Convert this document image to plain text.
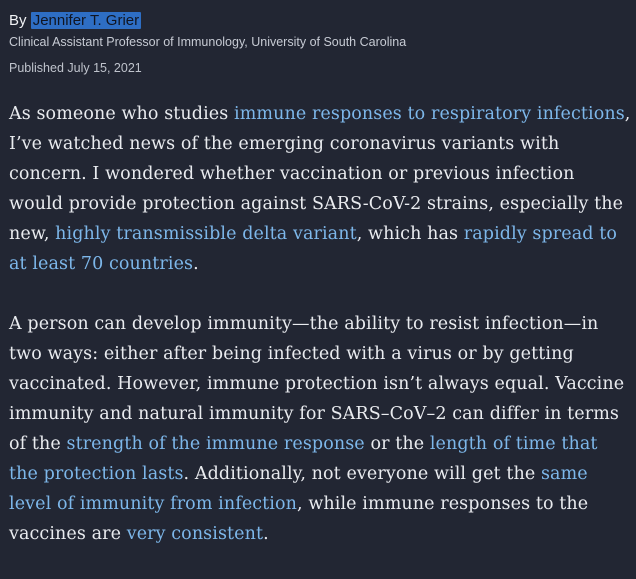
By Jennifer T. Grier
Clinical Assistant Professor of Immunology, University of South Carolina
Published July 15, 2021

As someone who studies immune responses to respiratory infections, I’ve watched news of the emerging coronavirus variants with concern. I wondered whether vaccination or previous infection would provide protection against SARS-CoV-2 strains, especially the new, highly transmissible delta variant, which has rapidly spread to at least 70 countries.

A person can develop immunity—the ability to resist infection—in two ways: either after being infected with a virus or by getting vaccinated. However, immune protection isn’t always equal. Vaccine immunity and natural immunity for SARS–CoV–2 can differ in terms of the strength of the immune response or the length of time that the protection lasts. Additionally, not everyone will get the same level of immunity from infection, while immune responses to the vaccines are very consistent.
